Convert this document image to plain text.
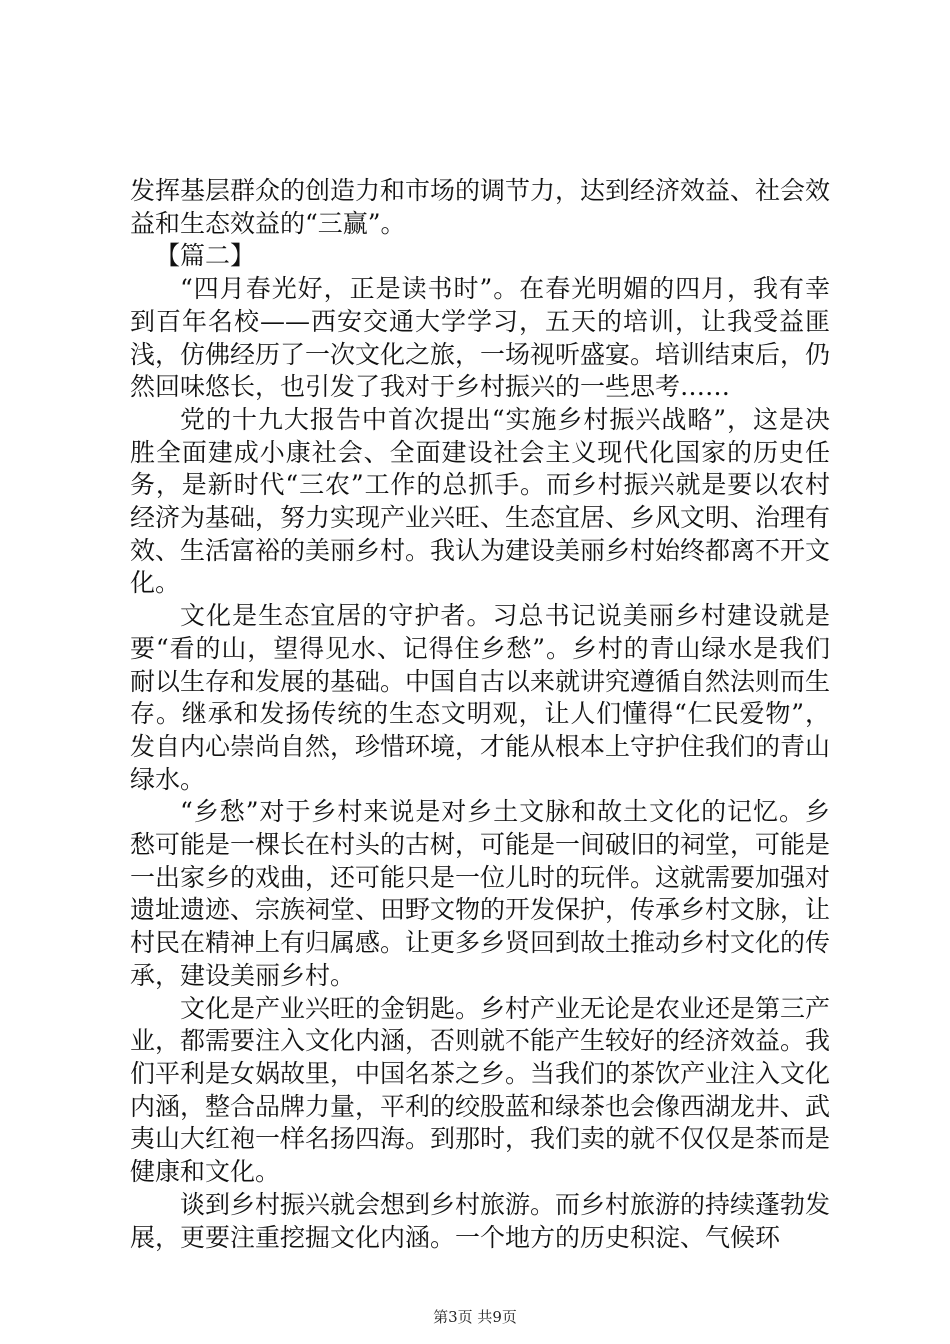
发挥基层群众的创造力和市场的调节力，达到经济效益、社会效益和生态效益的“三赢”。

【篇二】

“四月春光好，正是读书时”。在春光明媚的四月，我有幸到百年名校——西安交通大学学习，五天的培训，让我受益匪浅，仿佛经历了一次文化之旅，一场视听盛宴。培训结束后，仍然回味悠长，也引发了我对于乡村振兴的一些思考……

党的十九大报告中首次提出“实施乡村振兴战略”，这是决胜全面建成小康社会、全面建设社会主义现代化国家的历史任务，是新时代“三农”工作的总抓手。而乡村振兴就是要以农村经济为基础，努力实现产业兴旺、生态宜居、乡风文明、治理有效、生活富裕的美丽乡村。我认为建设美丽乡村始终都离不开文化。

文化是生态宜居的守护者。习总书记说美丽乡村建设就是要“看的山，望得见水、记得住乡愁”。乡村的青山绿水是我们耐以生存和发展的基础。中国自古以来就讲究遵循自然法则而生存。继承和发扬传统的生态文明观，让人们懂得“仁民爱物”，发自内心崇尚自然，珍惜环境，才能从根本上守护住我们的青山绿水。

“乡愁”对于乡村来说是对乡土文脉和故土文化的记忆。乡愁可能是一棵长在村头的古树，可能是一间破旧的祠堂，可能是一出家乡的戏曲，还可能只是一位儿时的玩伴。这就需要加强对遗址遗迹、宗族祠堂、田野文物的开发保护，传承乡村文脉，让村民在精神上有归属感。让更多乡贤回到故土推动乡村文化的传承，建设美丽乡村。

文化是产业兴旺的金钥匙。乡村产业无论是农业还是第三产业，都需要注入文化内涵，否则就不能产生较好的经济效益。我们平利是女娲故里，中国名茶之乡。当我们的茶饮产业注入文化内涵，整合品牌力量，平利的绞股蓝和绿茶也会像西湖龙井、武夷山大红袍一样名扬四海。到那时，我们卖的就不仅仅是茶而是健康和文化。

谈到乡村振兴就会想到乡村旅游。而乡村旅游的持续蓬勃发展，更要注重挖掘文化内涵。一个地方的历史积淀、气候环

第3页 共9页
